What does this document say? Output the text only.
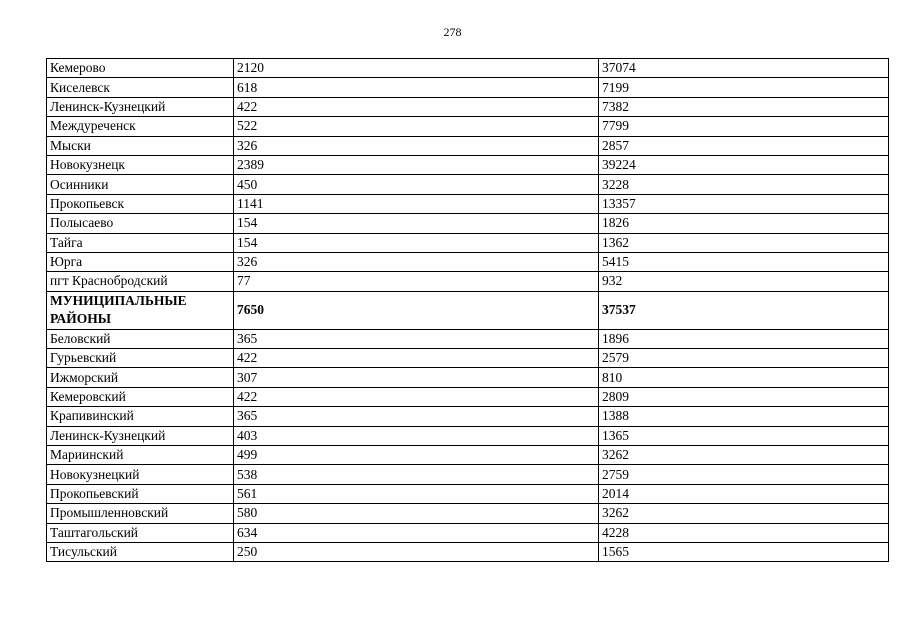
278
Кемерово	2120	37074
Киселевск	618	7199
Ленинск-Кузнецкий	422	7382
Междуреченск	522	7799
Мыски	326	2857
Новокузнецк	2389	39224
Осинники	450	3228
Прокопьевск	1141	13357
Полысаево	154	1826
Тайга	154	1362
Юрга	326	5415
пгт Краснобродский	77	932
МУНИЦИПАЛЬНЫЕ РАЙОНЫ	7650	37537
Беловский	365	1896
Гурьевский	422	2579
Ижморский	307	810
Кемеровский	422	2809
Крапивинский	365	1388
Ленинск-Кузнецкий	403	1365
Мариинский	499	3262
Новокузнецкий	538	2759
Прокопьевский	561	2014
Промышленновский	580	3262
Таштагольский	634	4228
Тисульский	250	1565
